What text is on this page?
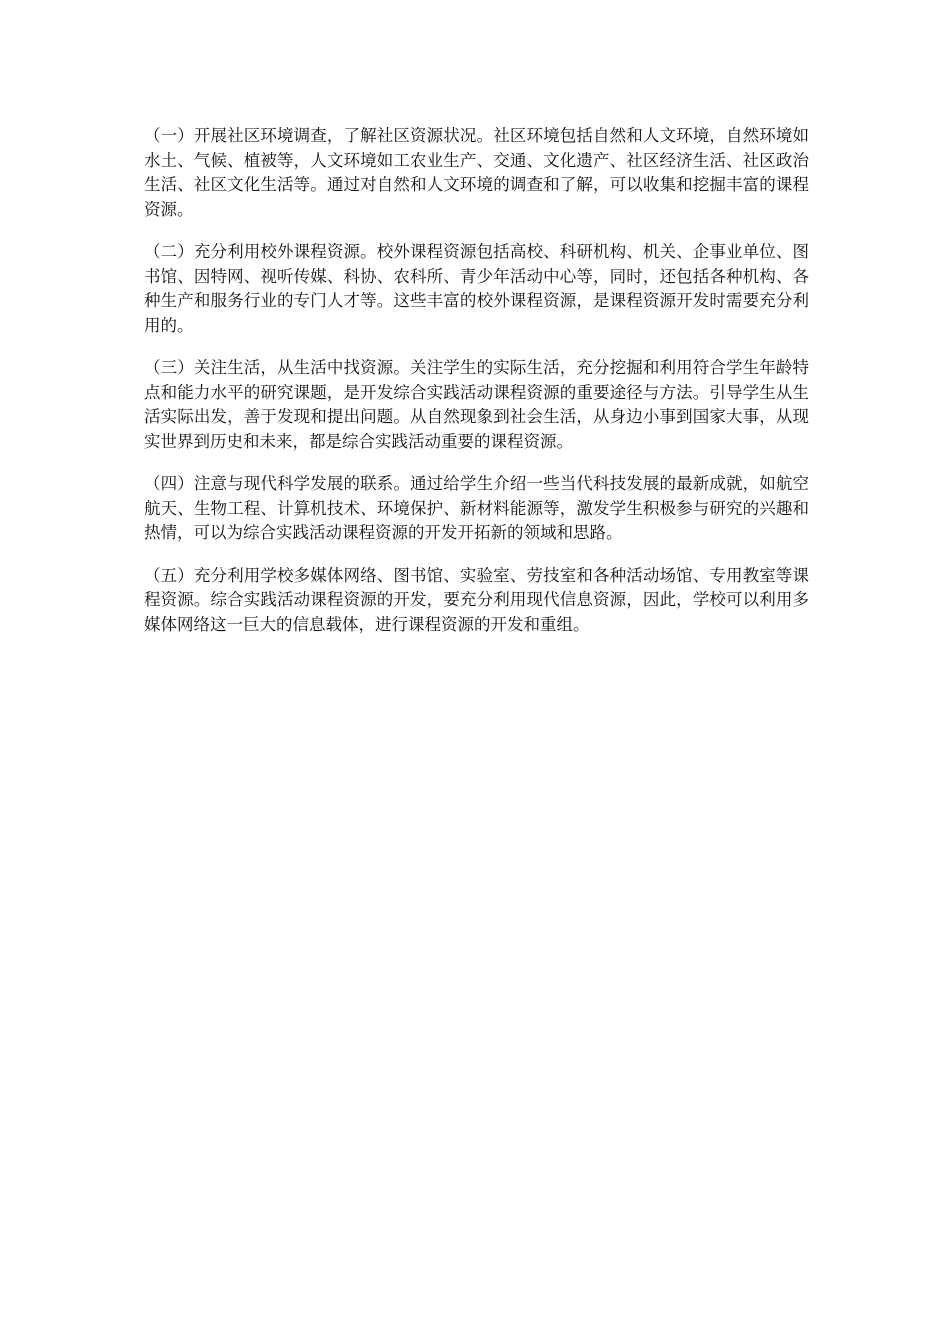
（一）开展社区环境调查，了解社区资源状况。社区环境包括自然和人文环境，自然环境如水土、气候、植被等，人文环境如工农业生产、交通、文化遗产、社区经济生活、社区政治生活、社区文化生活等。通过对自然和人文环境的调查和了解，可以收集和挖掘丰富的课程资源。

（二）充分利用校外课程资源。校外课程资源包括高校、科研机构、机关、企事业单位、图书馆、因特网、视听传媒、科协、农科所、青少年活动中心等，同时，还包括各种机构、各种生产和服务行业的专门人才等。这些丰富的校外课程资源，是课程资源开发时需要充分利用的。

（三）关注生活，从生活中找资源。关注学生的实际生活，充分挖掘和利用符合学生年龄特点和能力水平的研究课题，是开发综合实践活动课程资源的重要途径与方法。引导学生从生活实际出发，善于发现和提出问题。从自然现象到社会生活，从身边小事到国家大事，从现实世界到历史和未来，都是综合实践活动重要的课程资源。

（四）注意与现代科学发展的联系。通过给学生介绍一些当代科技发展的最新成就，如航空航天、生物工程、计算机技术、环境保护、新材料能源等，激发学生积极参与研究的兴趣和热情，可以为综合实践活动课程资源的开发开拓新的领域和思路。

（五）充分利用学校多媒体网络、图书馆、实验室、劳技室和各种活动场馆、专用教室等课程资源。综合实践活动课程资源的开发，要充分利用现代信息资源，因此，学校可以利用多媒体网络这一巨大的信息载体，进行课程资源的开发和重组。
